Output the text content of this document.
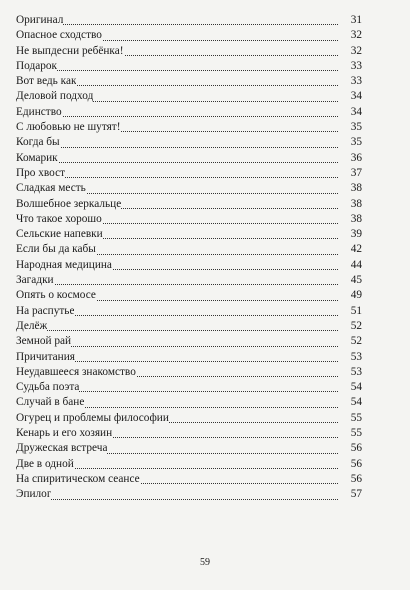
Оригинал	31
Опасное сходство	32
Не выпдесни ребёнка!	32
Подарок	33
Вот ведь как	33
Деловой подход	34
Единство	34
С любовью не шутят!	35
Когда бы	35
Комарик	36
Про хвост	37
Сладкая месть	38
Волшебное зеркальце	38
Что такое хорошо	38
Сельские напевки	39
Если бы да кабы	42
Народная медицина	44
Загадки	45
Опять о космосе	49
На распутье	51
Делёж	52
Земной рай	52
Причитания	53
Неудавшееся знакомство	53
Судьба поэта	54
Случай в бане	54
Огурец и проблемы философии	55
Кенарь и его хозяин	55
Дружеская встреча	56
Две в одной	56
На спиритическом сеансе	56
Эпилог	57
59
